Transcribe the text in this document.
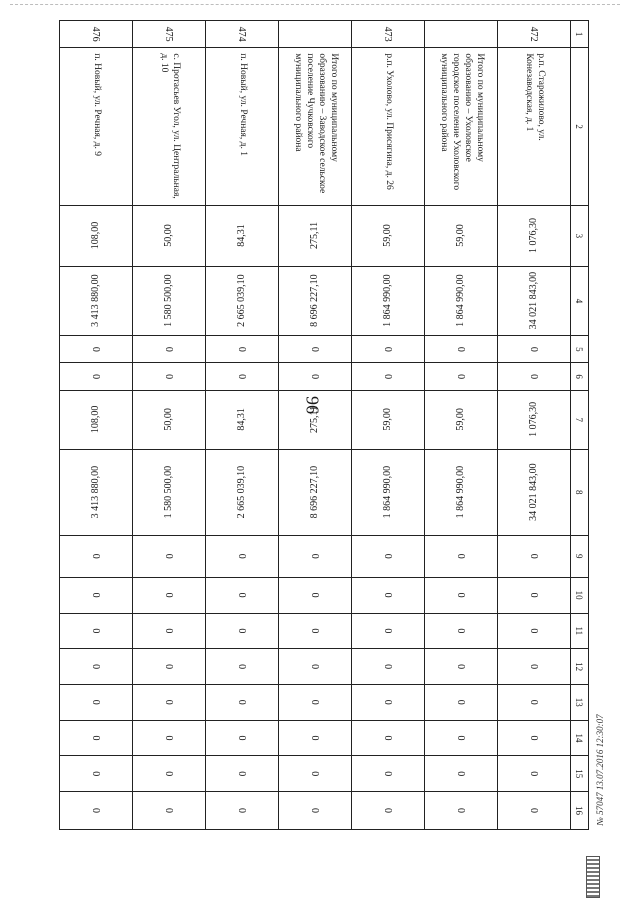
96
1	2	3	4	5	6	7	8	9	10	11	12	13	14	15	16
472	р.п. Старожилово, ул. Конезаводская, д. 1	1 076,30	34 021 843,00	0	0	1 076,30	34 021 843,00	0	0	0	0	0	0	0	0
	Итого по муниципальному образованию – Ухоловское городское поселение Ухоловского муниципального района	59,00	1 864 990,00	0	0	59,00	1 864 990,00	0	0	0	0	0	0	0	0
473	р.п. Ухолово, ул. Присягина, д. 26	59,00	1 864 990,00	0	0	59,00	1 864 990,00	0	0	0	0	0	0	0	0
	Итого по муниципальному образованию – Заводское сельское поселение Чучковского муниципального района	275,11	8 696 227,10	0	0	275,11	8 696 227,10	0	0	0	0	0	0	0	0
474	п. Новый, ул. Речная, д. 1	84,31	2 665 039,10	0	0	84,31	2 665 039,10	0	0	0	0	0	0	0	0
475	с. Протасьев Угол, ул. Центральная, д. 10	50,00	1 580 500,00	0	0	50,00	1 580 500,00	0	0	0	0	0	0	0	0
476	п. Новый, ул. Речная, д. 9	108,00	3 413 880,00	0	0	108,00	3 413 880,00	0	0	0	0	0	0	0	0	№ 57047 13.07.2016 12:30:07
